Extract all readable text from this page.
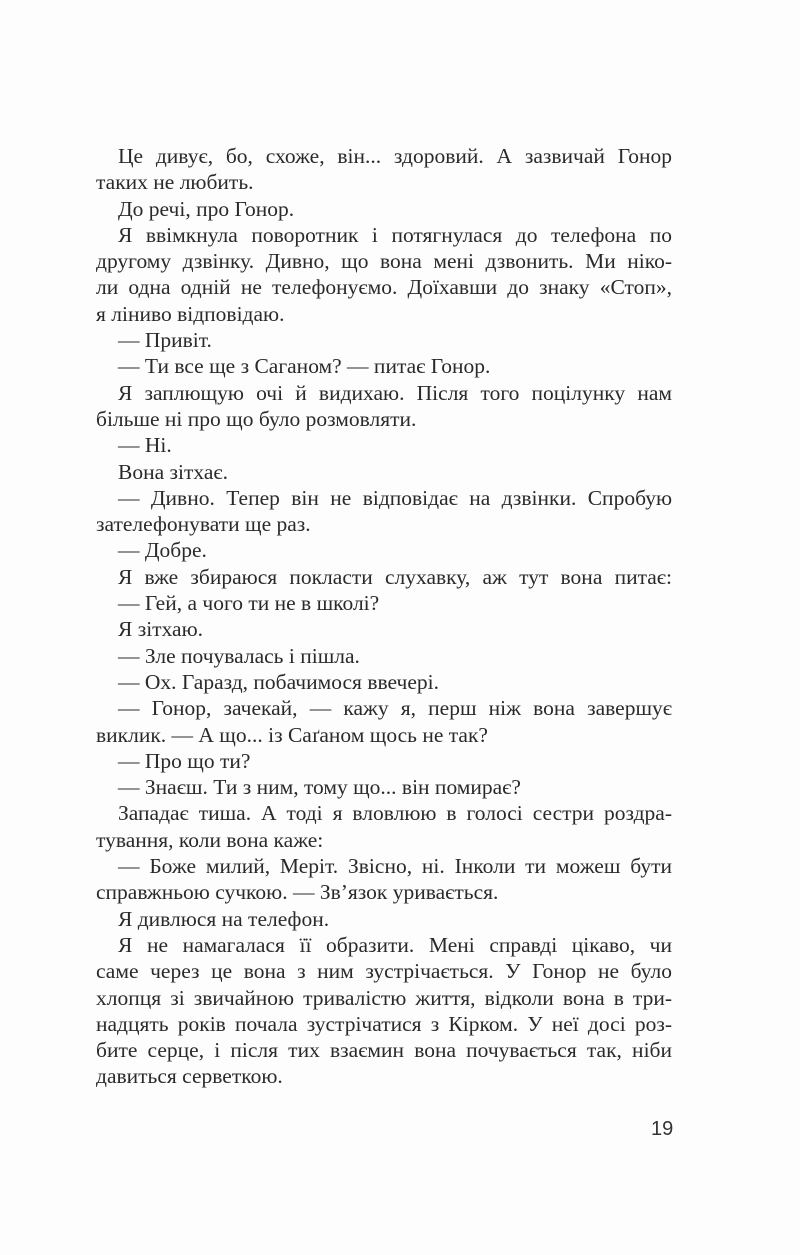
Це дивує, бо, схоже, він... здоровий. А зазвичай Гонор
таких не любить.
До речі, про Гонор.
Я ввімкнула поворотник і потягнулася до телефона по
другому дзвінку. Дивно, що вона мені дзвонить. Ми ніко-
ли одна одній не телефонуємо. Доїхавши до знаку «Стоп»,
я ліниво відповідаю.
— Привіт.
— Ти все ще з Саганом? — питає Гонор.
Я заплющую очі й видихаю. Після того поцілунку нам
більше ні про що було розмовляти.
— Ні.
Вона зітхає.
— Дивно. Тепер він не відповідає на дзвінки. Спробую
зателефонувати ще раз.
— Добре.
Я вже збираюся покласти слухавку, аж тут вона питає:
— Гей, а чого ти не в школі?
Я зітхаю.
— Зле почувалась і пішла.
— Ох. Гаразд, побачимося ввечері.
— Гонор, зачекай, — кажу я, перш ніж вона завершує
виклик. — А що... із Саґаном щось не так?
— Про що ти?
— Знаєш. Ти з ним, тому що... він помирає?
Западає тиша. А тоді я вловлюю в голосі сестри роздра-
тування, коли вона каже:
— Боже милий, Меріт. Звісно, ні. Інколи ти можеш бути
справжньою сучкою. — Зв’язок уривається.
Я дивлюся на телефон.
Я не намагалася її образити. Мені справді цікаво, чи
саме через це вона з ним зустрічається. У Гонор не було
хлопця зі звичайною тривалістю життя, відколи вона в три-
надцять років почала зустрічатися з Кірком. У неї досі роз-
бите серце, і після тих взаємин вона почувається так, ніби
давиться серветкою.
19
